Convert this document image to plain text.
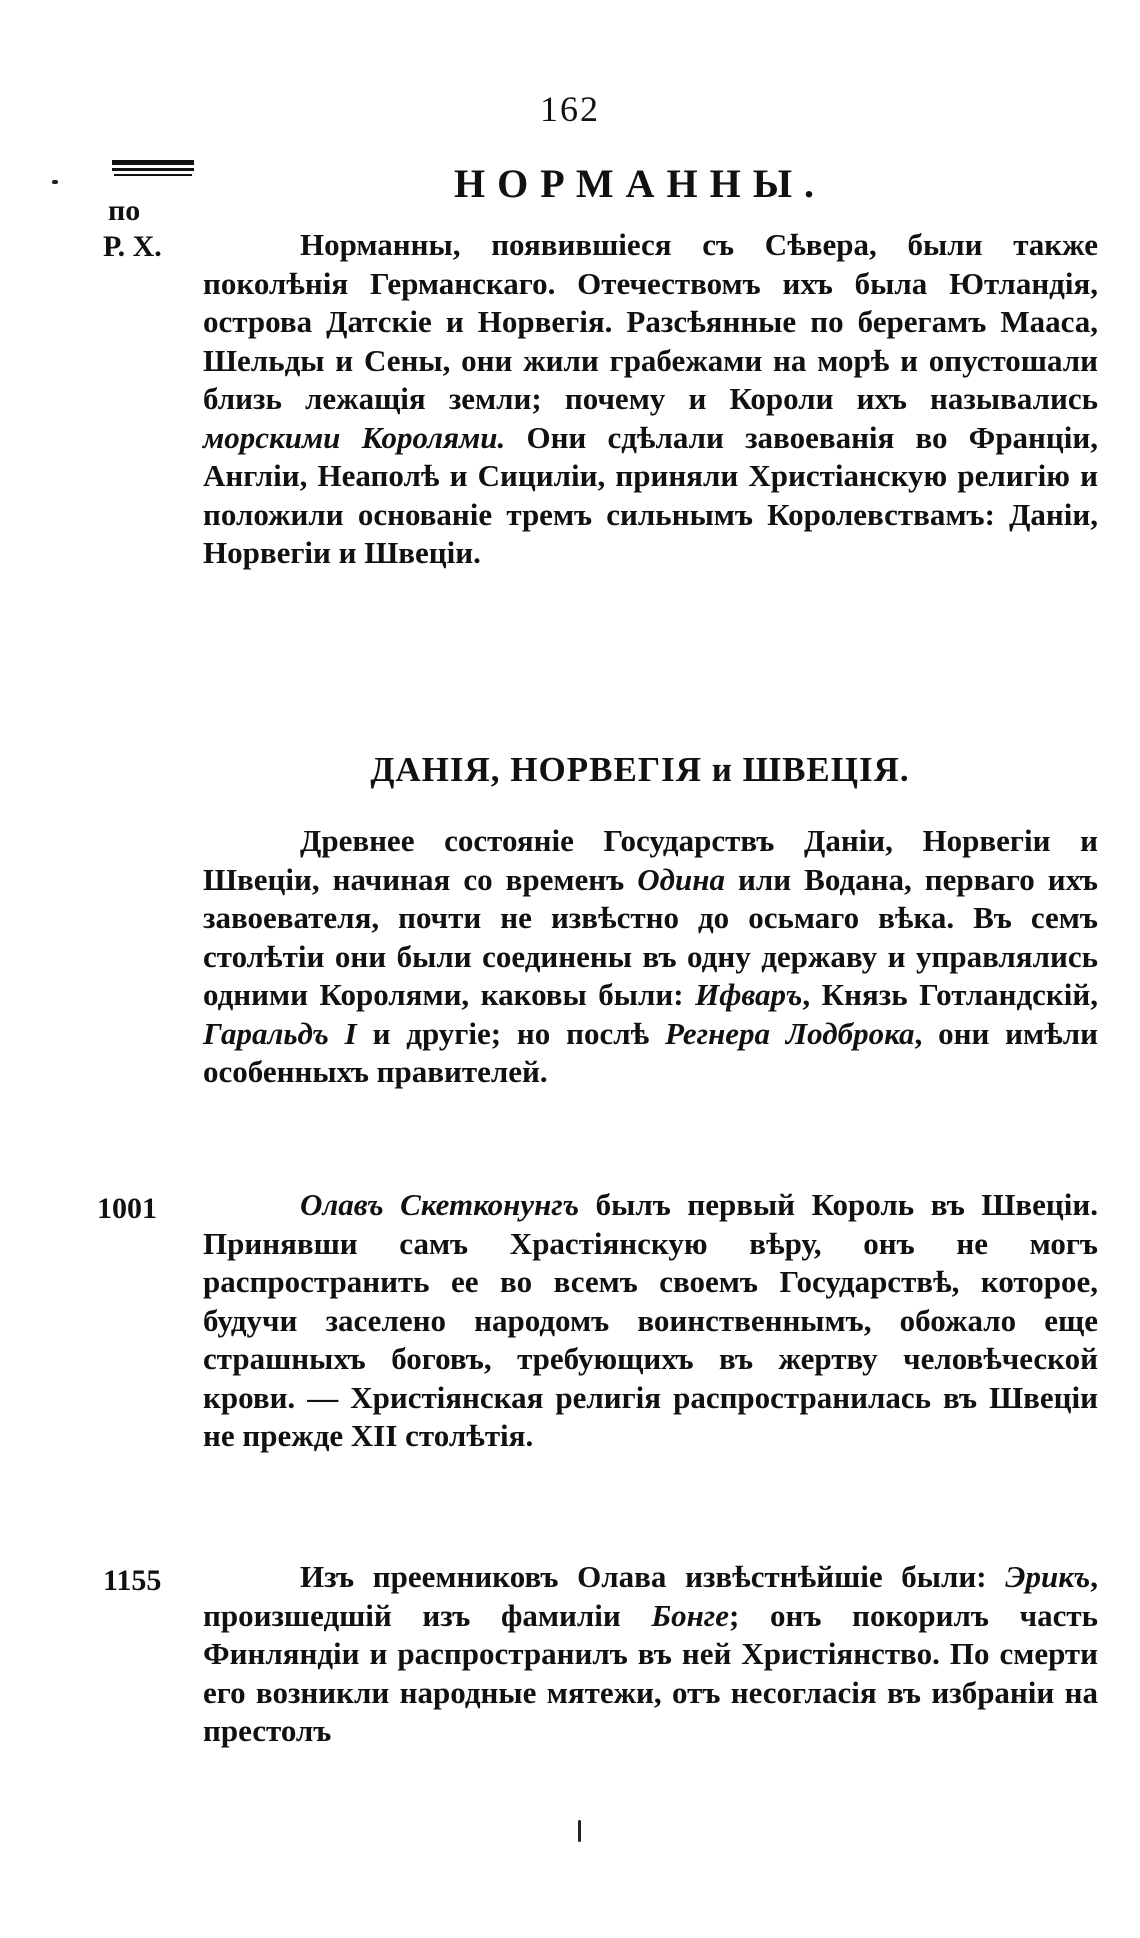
162
по
Р. Х.
1001
1155
НОРМАННЫ.

Норманны, появившіеся съ Сѣвера, были также поколѣнія Германскаго. Отечествомъ ихъ была Ютландія, острова Датскіе и Норвегія. Разсѣянные по берегамъ Мааса, Шельды и Сены, они жили грабежами на морѣ и опустошали близь лежащія земли; почему и Короли ихъ назывались морскими Королями. Они сдѣлали завоеванія во Франціи, Англіи, Неаполѣ и Сициліи, приняли Христіанскую религію и положили основаніе тремъ сильнымъ Королевствамъ: Даніи, Норвегіи и Швеціи.

ДАНІЯ, НОРВЕГІЯ и ШВЕЦІЯ.

Древнее состояніе Государствъ Даніи, Норвегіи и Швеціи, начиная со временъ Одина или Водана, перваго ихъ завоевателя, почти не извѣстно до осьмаго вѣка. Въ семъ столѣтіи они были соединены въ одну державу и управлялись одними Королями, каковы были: Ифваръ, Князь Готландскій, Гаральдъ I и другіе; но послѣ Регнера Лодброка, они имѣли особенныхъ правителей.

Олавъ Скетконунгъ былъ первый Король въ Швеціи. Принявши самъ Храстіянскую вѣру, онъ не могъ распространить ее во всемъ своемъ Государствѣ, которое, будучи заселено народомъ воинственнымъ, обожало еще страшныхъ боговъ, требующихъ въ жертву человѣческой крови. — Христіянская религія распространилась въ Швеціи не прежде XII столѣтія.

Изъ преемниковъ Олава извѣстнѣйшіе были: Эрикъ, произшедшій изъ фамиліи Бонге; онъ покорилъ часть Финляндіи и распространилъ въ ней Христіянство. По смерти его возникли народные мятежи, отъ несогласія въ избраніи на престолъ
